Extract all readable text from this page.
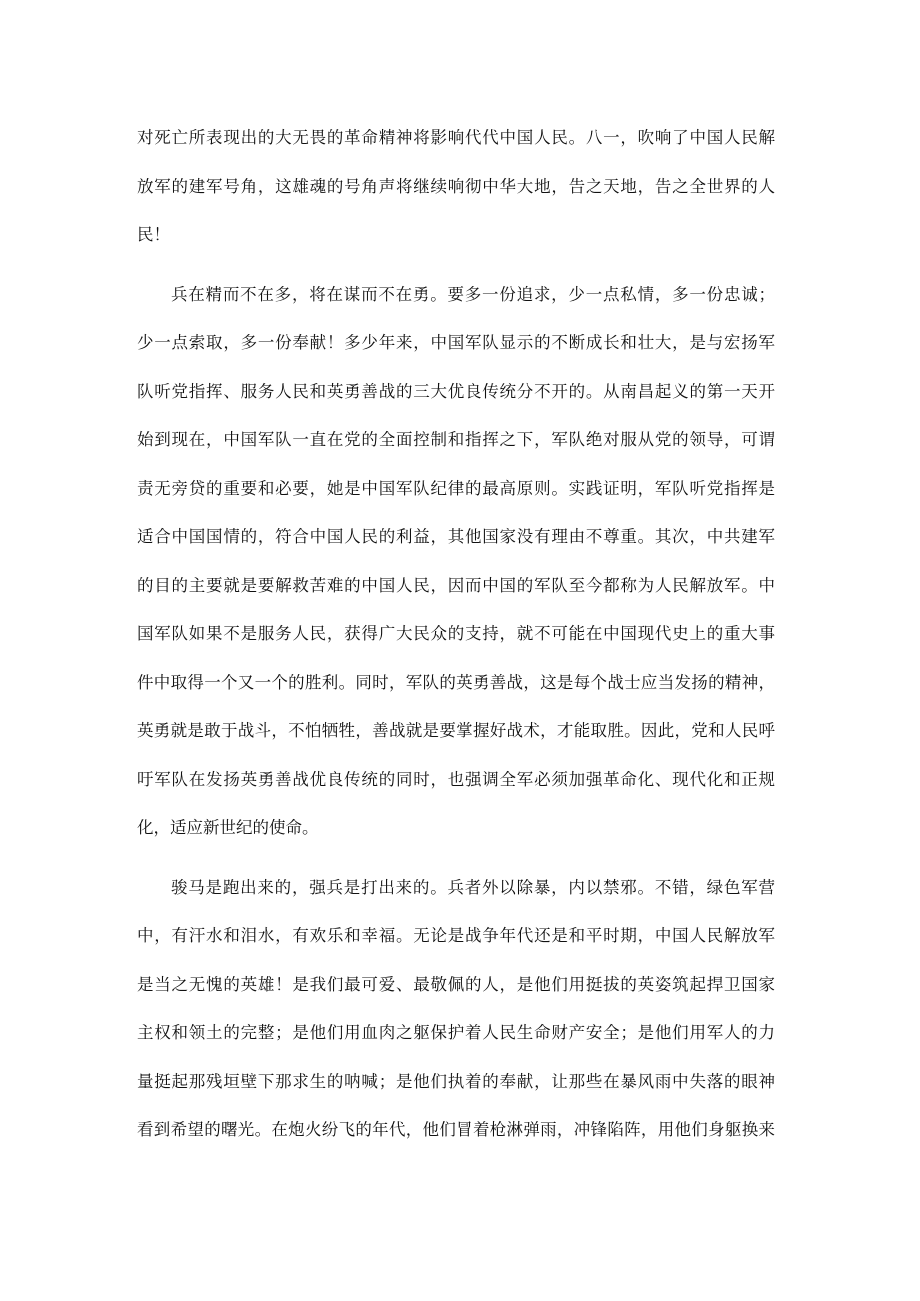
对死亡所表现出的大无畏的革命精神将影响代代中国人民。八一，吹响了中国人民解
放军的建军号角，这雄魂的号角声将继续响彻中华大地，告之天地，告之全世界的人
民！
兵在精而不在多，将在谋而不在勇。要多一份追求，少一点私情，多一份忠诚；
少一点索取，多一份奉献！多少年来，中国军队显示的不断成长和壮大，是与宏扬军
队听党指挥、服务人民和英勇善战的三大优良传统分不开的。从南昌起义的第一天开
始到现在，中国军队一直在党的全面控制和指挥之下，军队绝对服从党的领导，可谓
责无旁贷的重要和必要，她是中国军队纪律的最高原则。实践证明，军队听党指挥是
适合中国国情的，符合中国人民的利益，其他国家没有理由不尊重。其次，中共建军
的目的主要就是要解救苦难的中国人民，因而中国的军队至今都称为人民解放军。中
国军队如果不是服务人民，获得广大民众的支持，就不可能在中国现代史上的重大事
件中取得一个又一个的胜利。同时，军队的英勇善战，这是每个战士应当发扬的精神，
英勇就是敢于战斗，不怕牺牲，善战就是要掌握好战术，才能取胜。因此，党和人民呼
吁军队在发扬英勇善战优良传统的同时，也强调全军必须加强革命化、现代化和正规
化，适应新世纪的使命。
骏马是跑出来的，强兵是打出来的。兵者外以除暴，内以禁邪。不错，绿色军营
中，有汗水和泪水，有欢乐和幸福。无论是战争年代还是和平时期，中国人民解放军
是当之无愧的英雄！是我们最可爱、最敬佩的人，是他们用挺拔的英姿筑起捍卫国家
主权和领土的完整；是他们用血肉之躯保护着人民生命财产安全；是他们用军人的力
量挺起那残垣壁下那求生的呐喊；是他们执着的奉献，让那些在暴风雨中失落的眼神
看到希望的曙光。在炮火纷飞的年代，他们冒着枪淋弹雨，冲锋陷阵，用他们身躯换来
